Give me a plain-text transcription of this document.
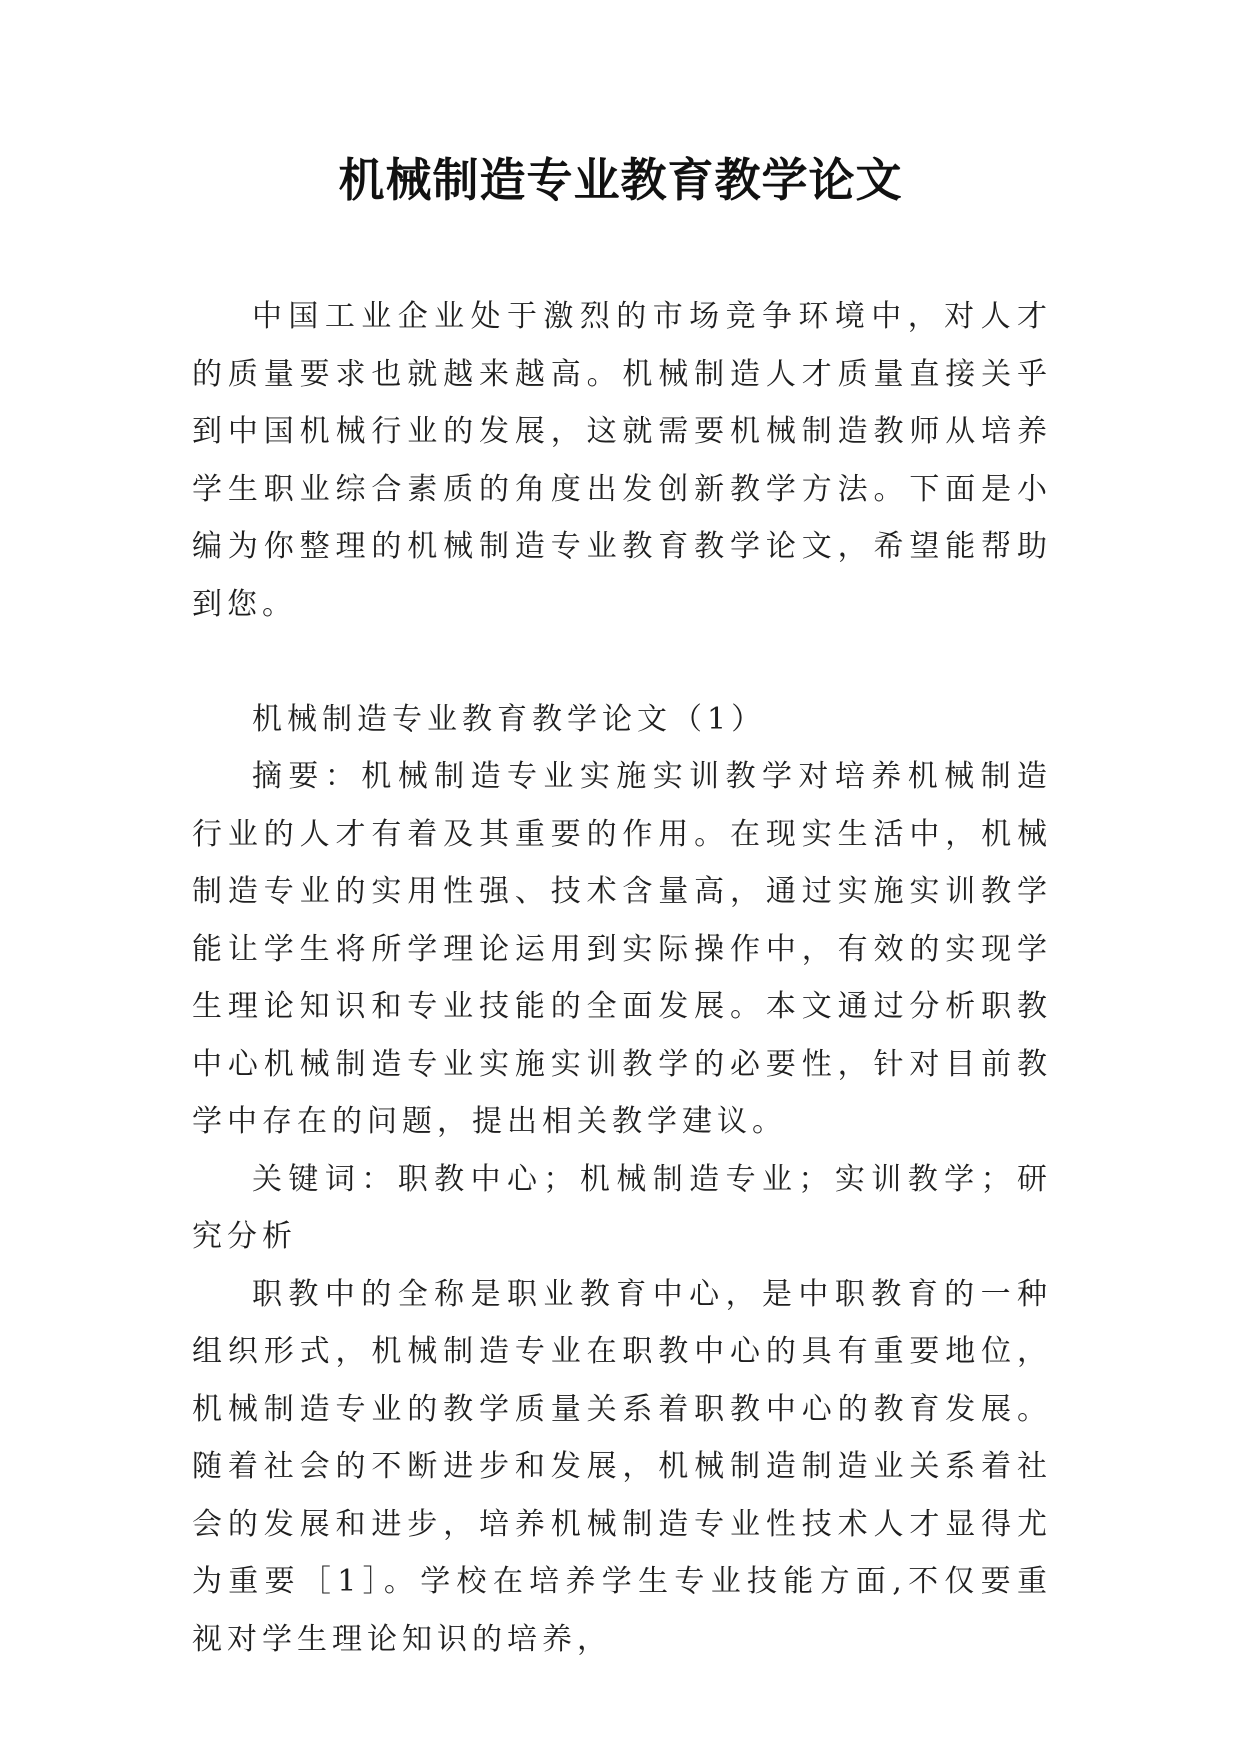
机械制造专业教育教学论文

中国工业企业处于激烈的市场竞争环境中，对人才的质量要求也就越来越高。机械制造人才质量直接关乎到中国机械行业的发展，这就需要机械制造教师从培养学生职业综合素质的角度出发创新教学方法。下面是小编为你整理的机械制造专业教育教学论文，希望能帮助到您。

机械制造专业教育教学论文（1）

摘要：机械制造专业实施实训教学对培养机械制造行业的人才有着及其重要的作用。在现实生活中，机械制造专业的实用性强、技术含量高，通过实施实训教学能让学生将所学理论运用到实际操作中，有效的实现学生理论知识和专业技能的全面发展。本文通过分析职教中心机械制造专业实施实训教学的必要性，针对目前教学中存在的问题，提出相关教学建议。

关键词：职教中心；机械制造专业；实训教学；研究分析

职教中的全称是职业教育中心，是中职教育的一种组织形式，机械制造专业在职教中心的具有重要地位，机械制造专业的教学质量关系着职教中心的教育发展。随着社会的不断进步和发展，机械制造制造业关系着社会的发展和进步，培养机械制造专业性技术人才显得尤为重要［1］。学校在培养学生专业技能方面,不仅要重视对学生理论知识的培养，
